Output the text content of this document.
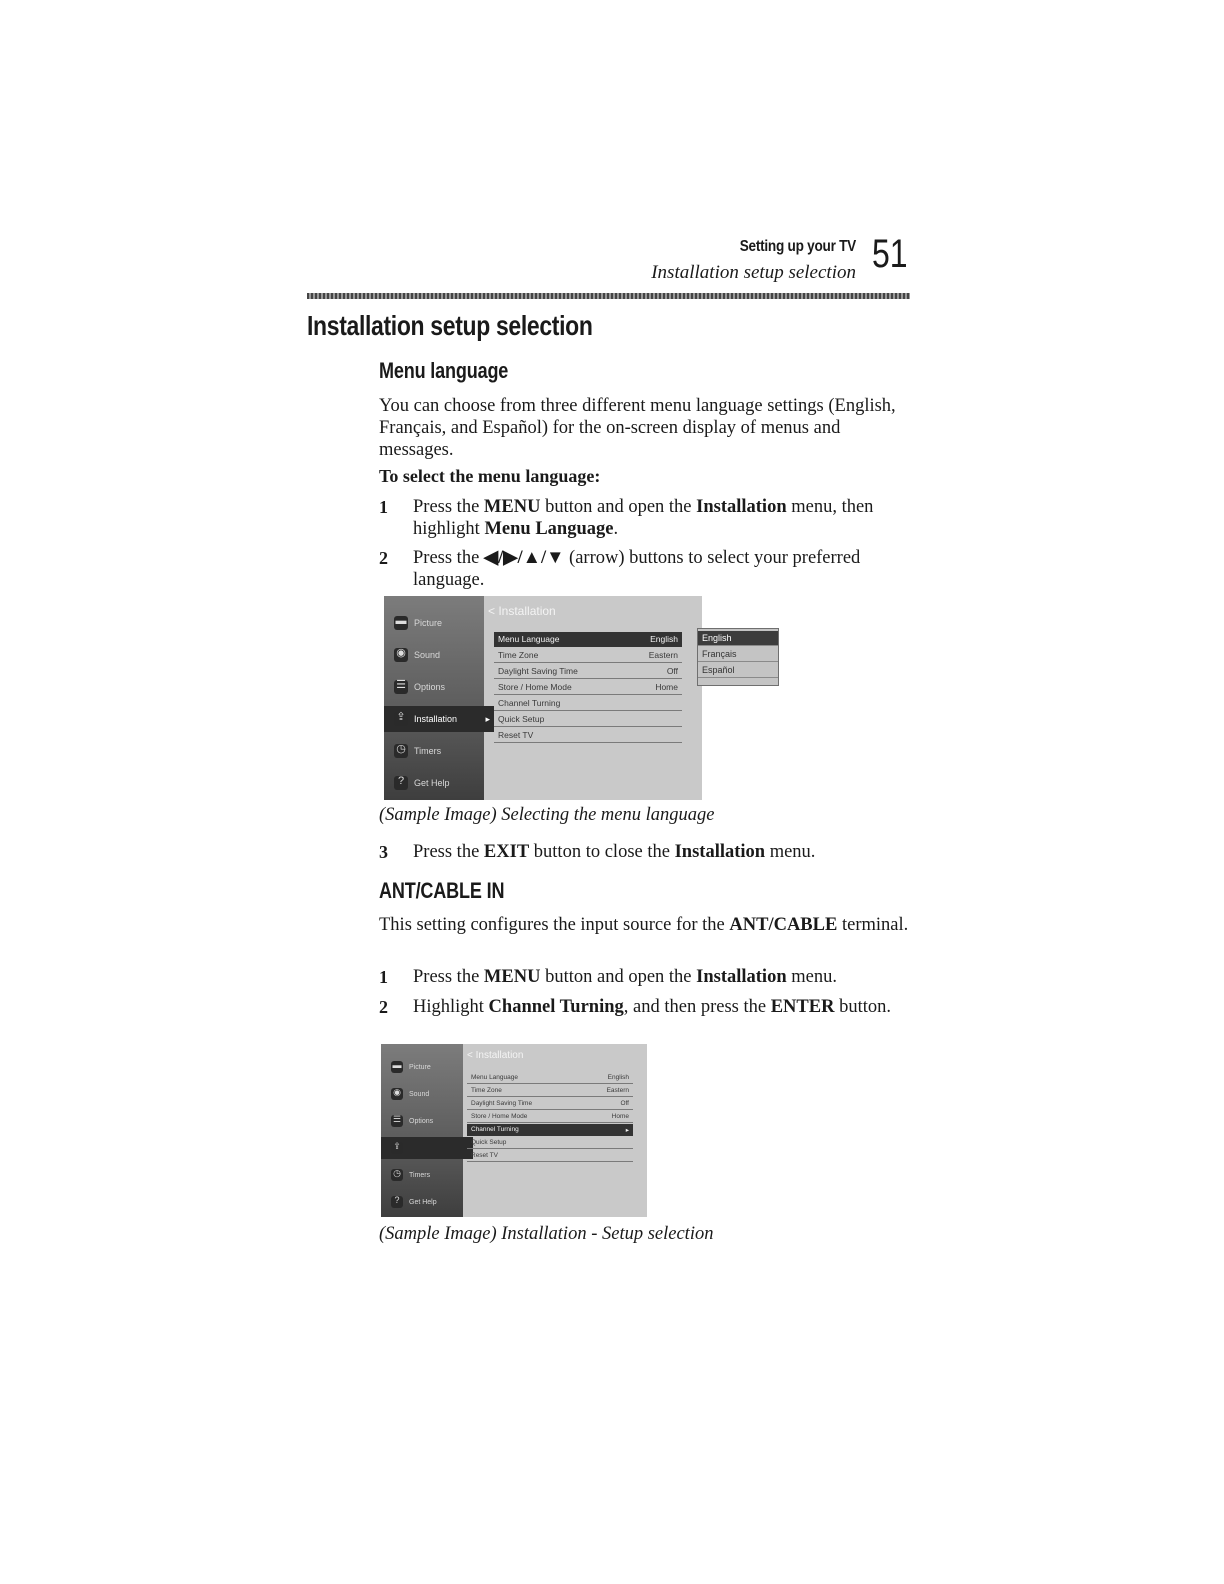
Setting up your TV
Installation setup selection 51
Installation setup selection
Menu language

You can choose from three different menu language settings (English, Français, and Español) for the on-screen display of menus and messages.

To select the menu language:

1 Press the MENU button and open the Installation menu, then highlight Menu Language.
2 Press the ◀/▶/▲/▼ (arrow) buttons to select your preferred language.
< Installation
▬ Picture
◉ Sound
☰ Options
⇪ Installation	▸
◷ Timers
?	Get Help
Menu Language	English
Time Zone	Eastern
Daylight Saving Time	Off
Store / Home Mode	Home
Channel Turning
Quick Setup
Reset TV
English
Français
Español
(Sample Image) Selecting the menu language
3 Press the EXIT button to close the Installation menu.
ANT/CABLE IN

This setting configures the input source for the ANT/CABLE terminal.

1 Press the MENU button and open the Installation menu.
2 Highlight Channel Turning, and then press the ENTER button.
< Installation
▬ Picture
◉ Sound
☰ Options
⇪
◷ Timers
?	Get Help
Menu Language	English
Time Zone	Eastern
Daylight Saving Time	Off
Store / Home Mode	Home
Channel Turning	▸
Quick Setup
Reset TV
(Sample Image) Installation - Setup selection
